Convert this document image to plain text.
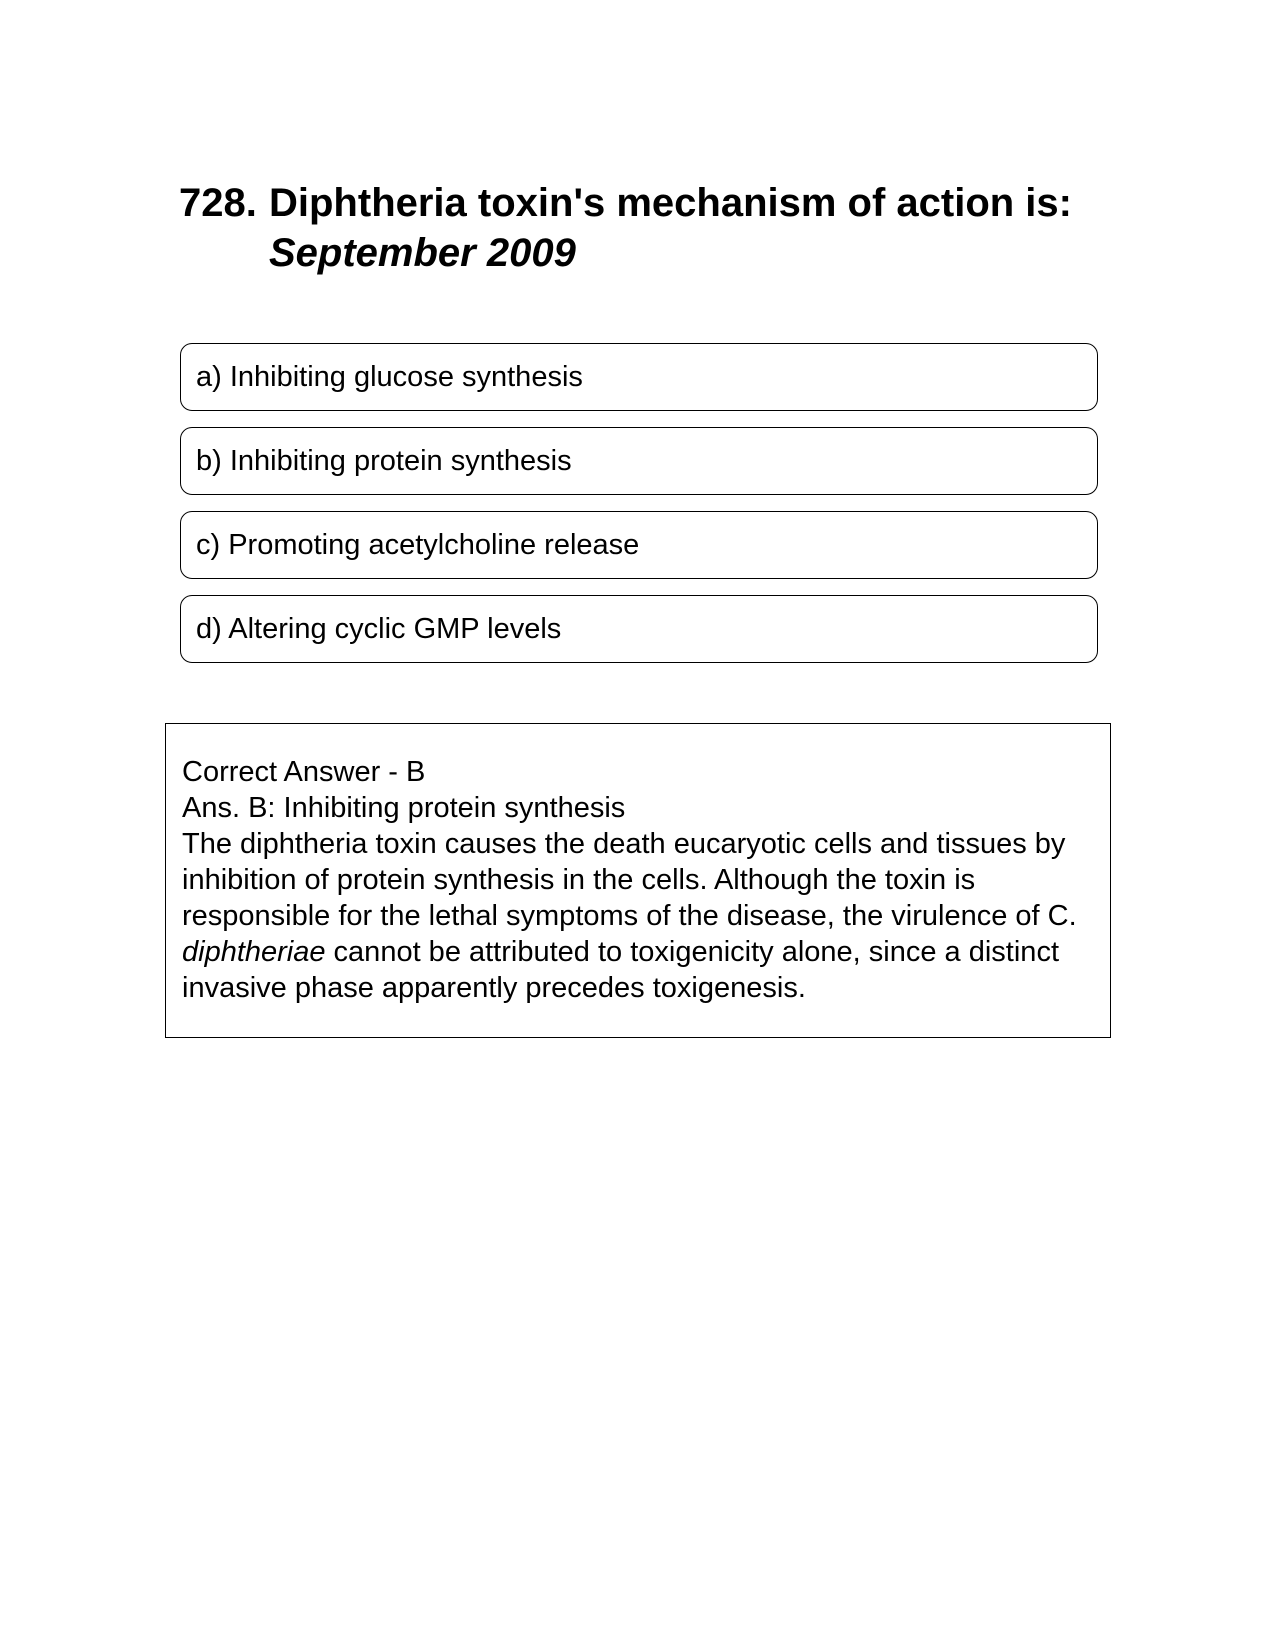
728. Diphtheria toxin's mechanism of action is:
September 2009
a) Inhibiting glucose synthesis
b) Inhibiting protein synthesis
c) Promoting acetylcholine release
d) Altering cyclic GMP levels
Correct Answer - B
Ans. B: Inhibiting protein synthesis
The diphtheria toxin causes the death eucaryotic cells and tissues by inhibition of protein synthesis in the cells. Although the toxin is responsible for the lethal symptoms of the disease, the virulence of C. diphtheriae cannot be attributed to toxigenicity alone, since a distinct invasive phase apparently precedes toxigenesis.
